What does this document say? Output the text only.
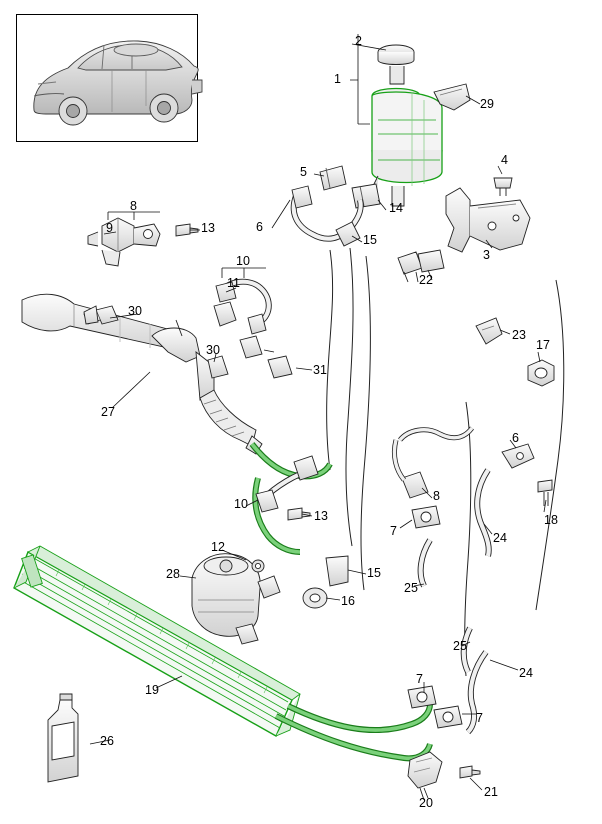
1
2
3
4
5
6
7
8
9
10
11
12
13
14
15
16
17
18
19
20
21
22
23
24
25
26
27
28
29
30
30
31
6
8
10
13
15
24
25
7
7
